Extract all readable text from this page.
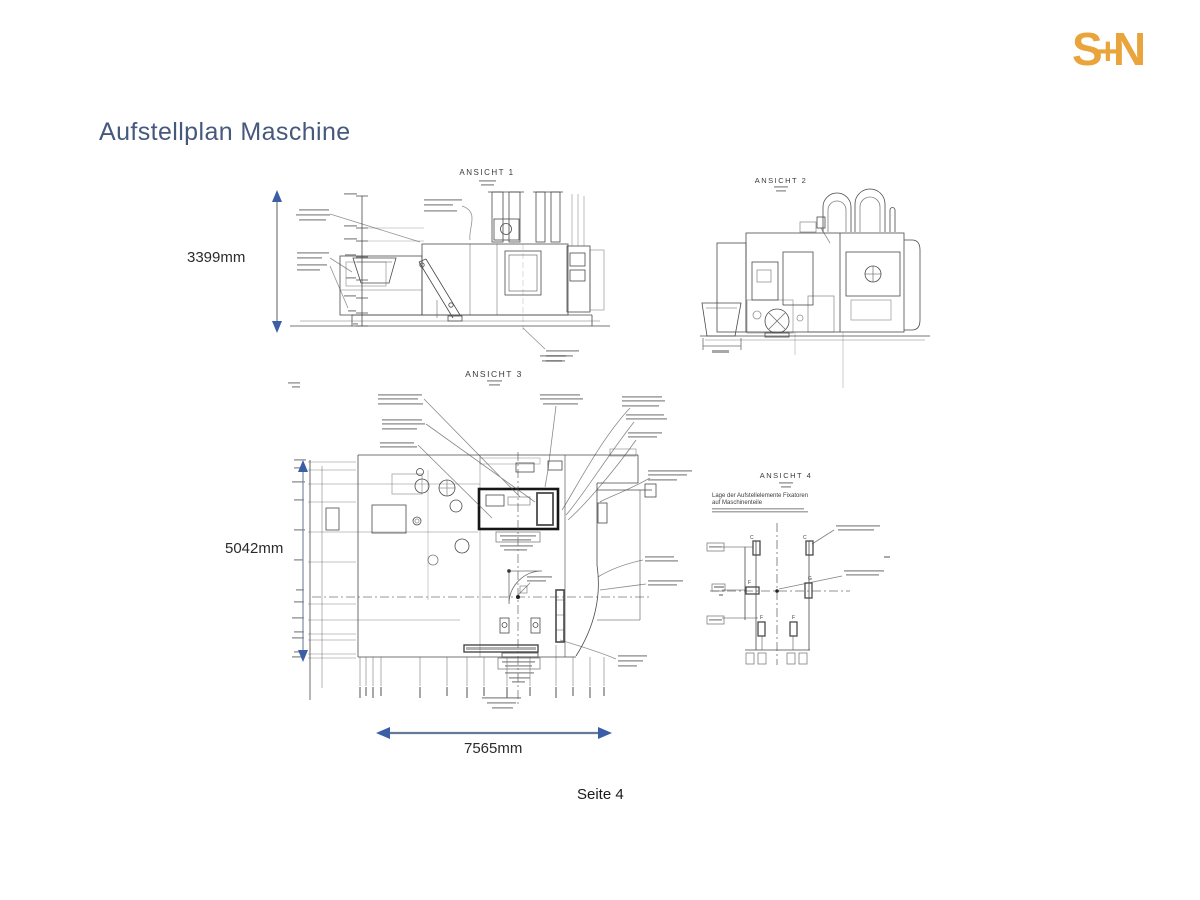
S
+
N
Aufstellplan Maschine
3399mm
5042mm
7565mm
Seite 4
ANSICHT 1
ANSICHT 2
ANSICHT 3
ANSICHT 4
Lage der Aufstellelemente Fixatoren
auf Maschinenteile
C	C
F
G
F	F
